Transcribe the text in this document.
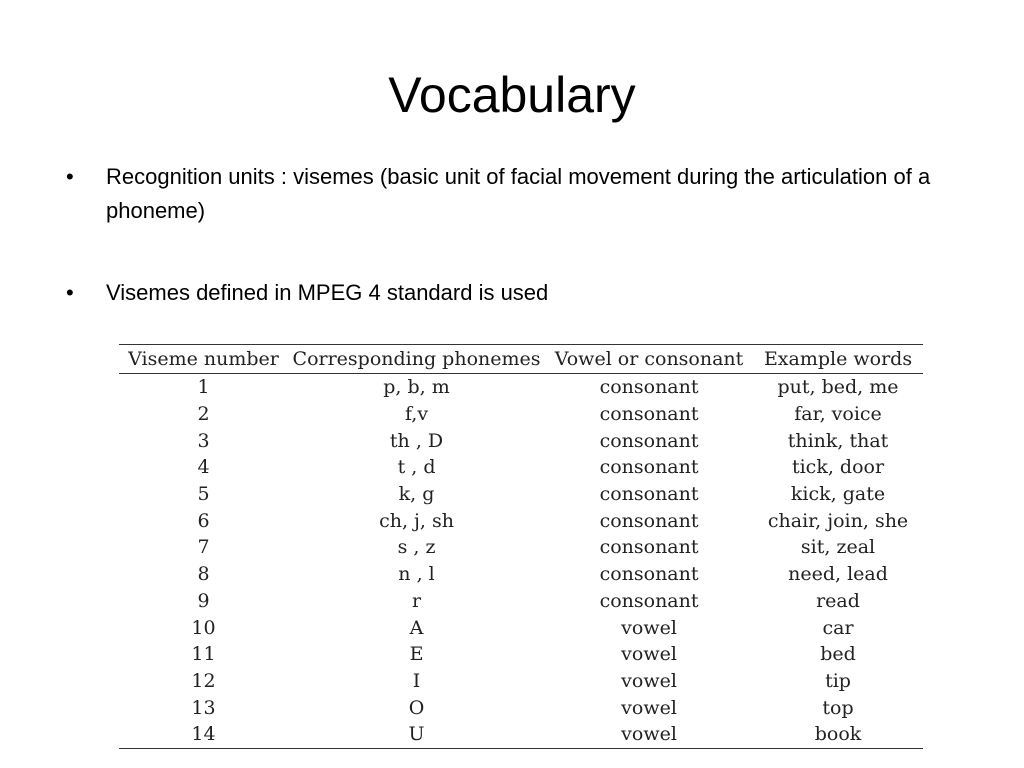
Vocabulary
• Recognition units : visemes (basic unit of facial movement during the articulation of a phoneme)
• Visemes defined in MPEG 4 standard is used
Viseme number	Corresponding phonemes	Vowel or consonant	Example words
1	p, b, m	consonant	put, bed, me
2	f,v	consonant	far, voice
3	th , D	consonant	think, that
4	t , d	consonant	tick, door
5	k, g	consonant	kick, gate
6	ch, j, sh	consonant	chair, join, she
7	s , z	consonant	sit, zeal
8	n , l	consonant	need, lead
9	r	consonant	read
10	A	vowel	car
11	E	vowel	bed
12	I	vowel	tip
13	O	vowel	top
14	U	vowel	book
